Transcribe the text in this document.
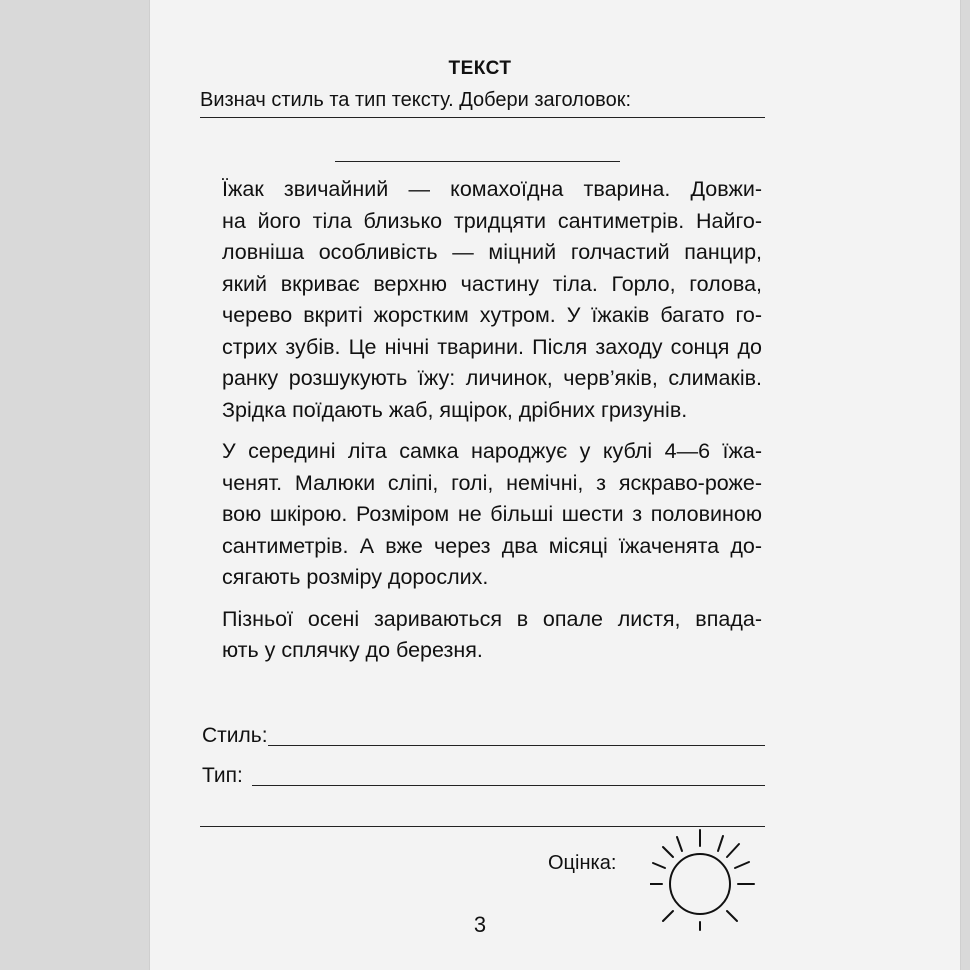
ТЕКСТ
Визнач стиль та тип тексту. Добери заголовок:

Їжак звичайний — комахоїдна тварина. Довжи-
на його тіла близько тридцяти сантиметрів. Найго-
ловніша особливість — міцний голчастий панцир,
який вкриває верхню частину тіла. Горло, голова,
черево вкриті жорстким хутром. У їжаків багато го-
стрих зубів. Це нічні тварини. Після заходу сонця до
ранку розшукують їжу: личинок, черв’яків, слимаків.
Зрідка поїдають жаб, ящірок, дрібних гризунів.

У середині літа самка народжує у кублі 4—6 їжа-
ченят. Малюки сліпі, голі, немічні, з яскраво-роже-
вою шкірою. Розміром не більші шести з половиною
сантиметрів. А вже через два місяці їжаченята до-
сягають розміру дорослих.

Пізньої осені зариваються в опале листя, впада-
ють у сплячку до березня.

Стиль:
Тип:
Оцінка:
3
